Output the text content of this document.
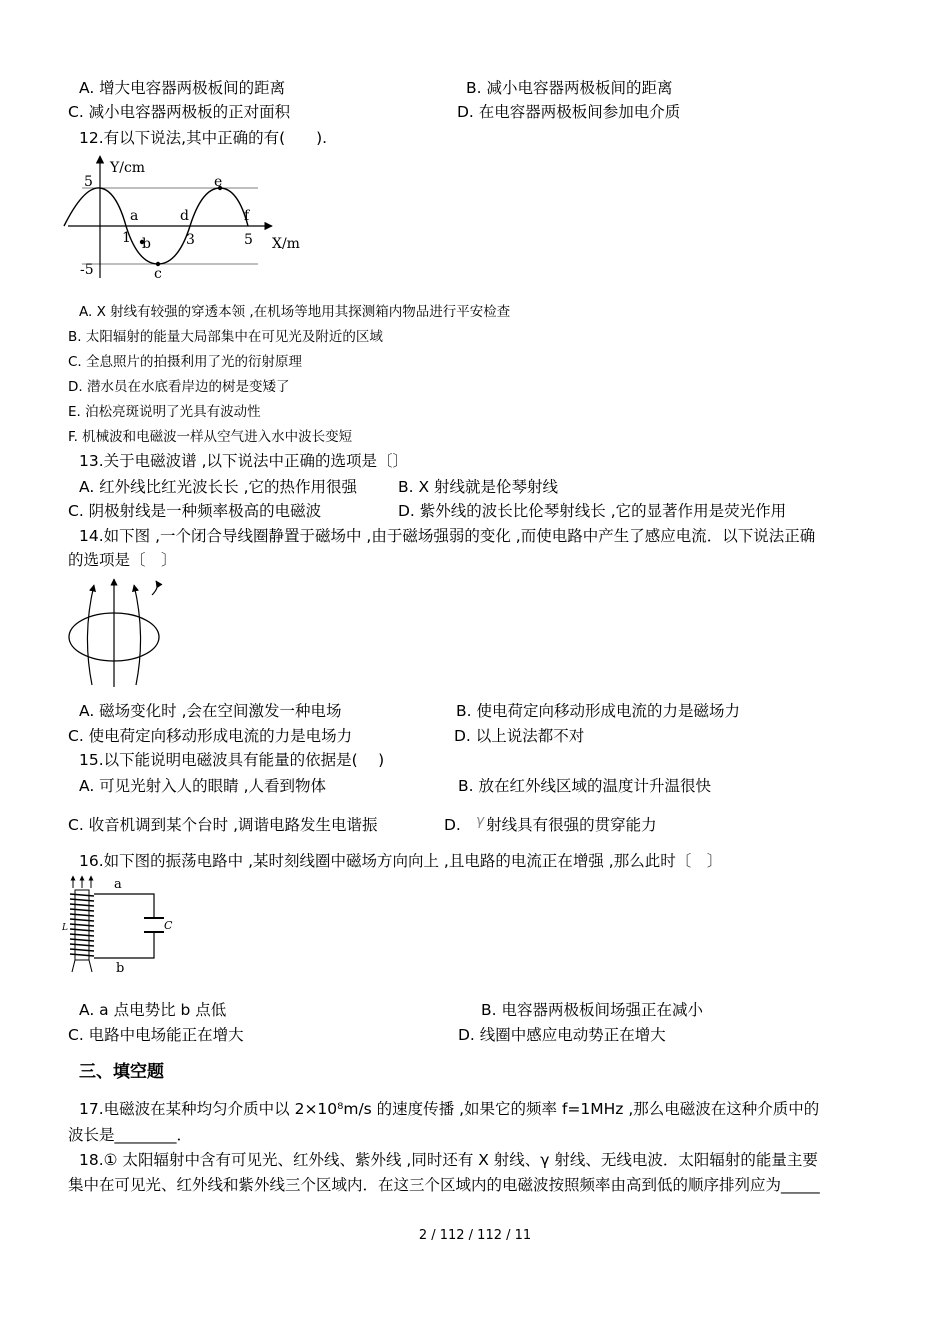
A. 增大电容器两极板间的距离	B. 减小电容器两极板间的距离
C. 减小电容器两极板的正对面积	D. 在电容器两极板间参加电介质
12.有以下说法,其中正确的有(　　).
Y/cm
X/m
5
-5
1	3	5
a
b
c
d
e
f
A. X 射线有较强的穿透本领 ,在机场等地用其探测箱内物品进行平安检查
B. 太阳辐射的能量大局部集中在可见光及附近的区域
C. 全息照片的拍摄利用了光的衍射原理
D. 潜水员在水底看岸边的树是变矮了
E. 泊松亮斑说明了光具有波动性
F. 机械波和电磁波一样从空气进入水中波长变短
13.关于电磁波谱 ,以下说法中正确的选项是〔〕
A. 红外线比红光波长长 ,它的热作用很强	B. X 射线就是伦琴射线
C. 阴极射线是一种频率极高的电磁波	D. 紫外线的波长比伦琴射线长 ,它的显著作用是荧光作用
14.如下图 ,一个闭合导线圈静置于磁场中 ,由于磁场强弱的变化 ,而使电路中产生了感应电流．以下说法正确
的选项是〔　〕
A. 磁场变化时 ,会在空间激发一种电场	B. 使电荷定向移动形成电流的力是磁场力
C. 使电荷定向移动形成电流的力是电场力	D. 以上说法都不对
15.以下能说明电磁波具有能量的依据是(　 )
A. 可见光射入人的眼睛 ,人看到物体	B. 放在红外线区域的温度计升温很快
C. 收音机调到某个台时 ,调谐电路发生电谐振	D. γ 射线具有很强的贯穿能力
16.如下图的振荡电路中 ,某时刻线圈中磁场方向向上 ,且电路的电流正在增强 ,那么此时〔　〕
a
b
L	C
A. a 点电势比 b 点低	B. 电容器两极板间场强正在减小
C. 电路中电场能正在增大	D. 线圈中感应电动势正在增大
三、填空题
17.电磁波在某种均匀介质中以 2×10⁸m/s 的速度传播 ,如果它的频率 f=1MHz ,那么电磁波在这种介质中的
波长是________．
18.① 太阳辐射中含有可见光、红外线、紫外线 ,同时还有 X 射线、γ 射线、无线电波．太阳辐射的能量主要
集中在可见光、红外线和紫外线三个区域内．在这三个区域内的电磁波按照频率由高到低的顺序排列应为_____
2 / 112 / 112 / 11
